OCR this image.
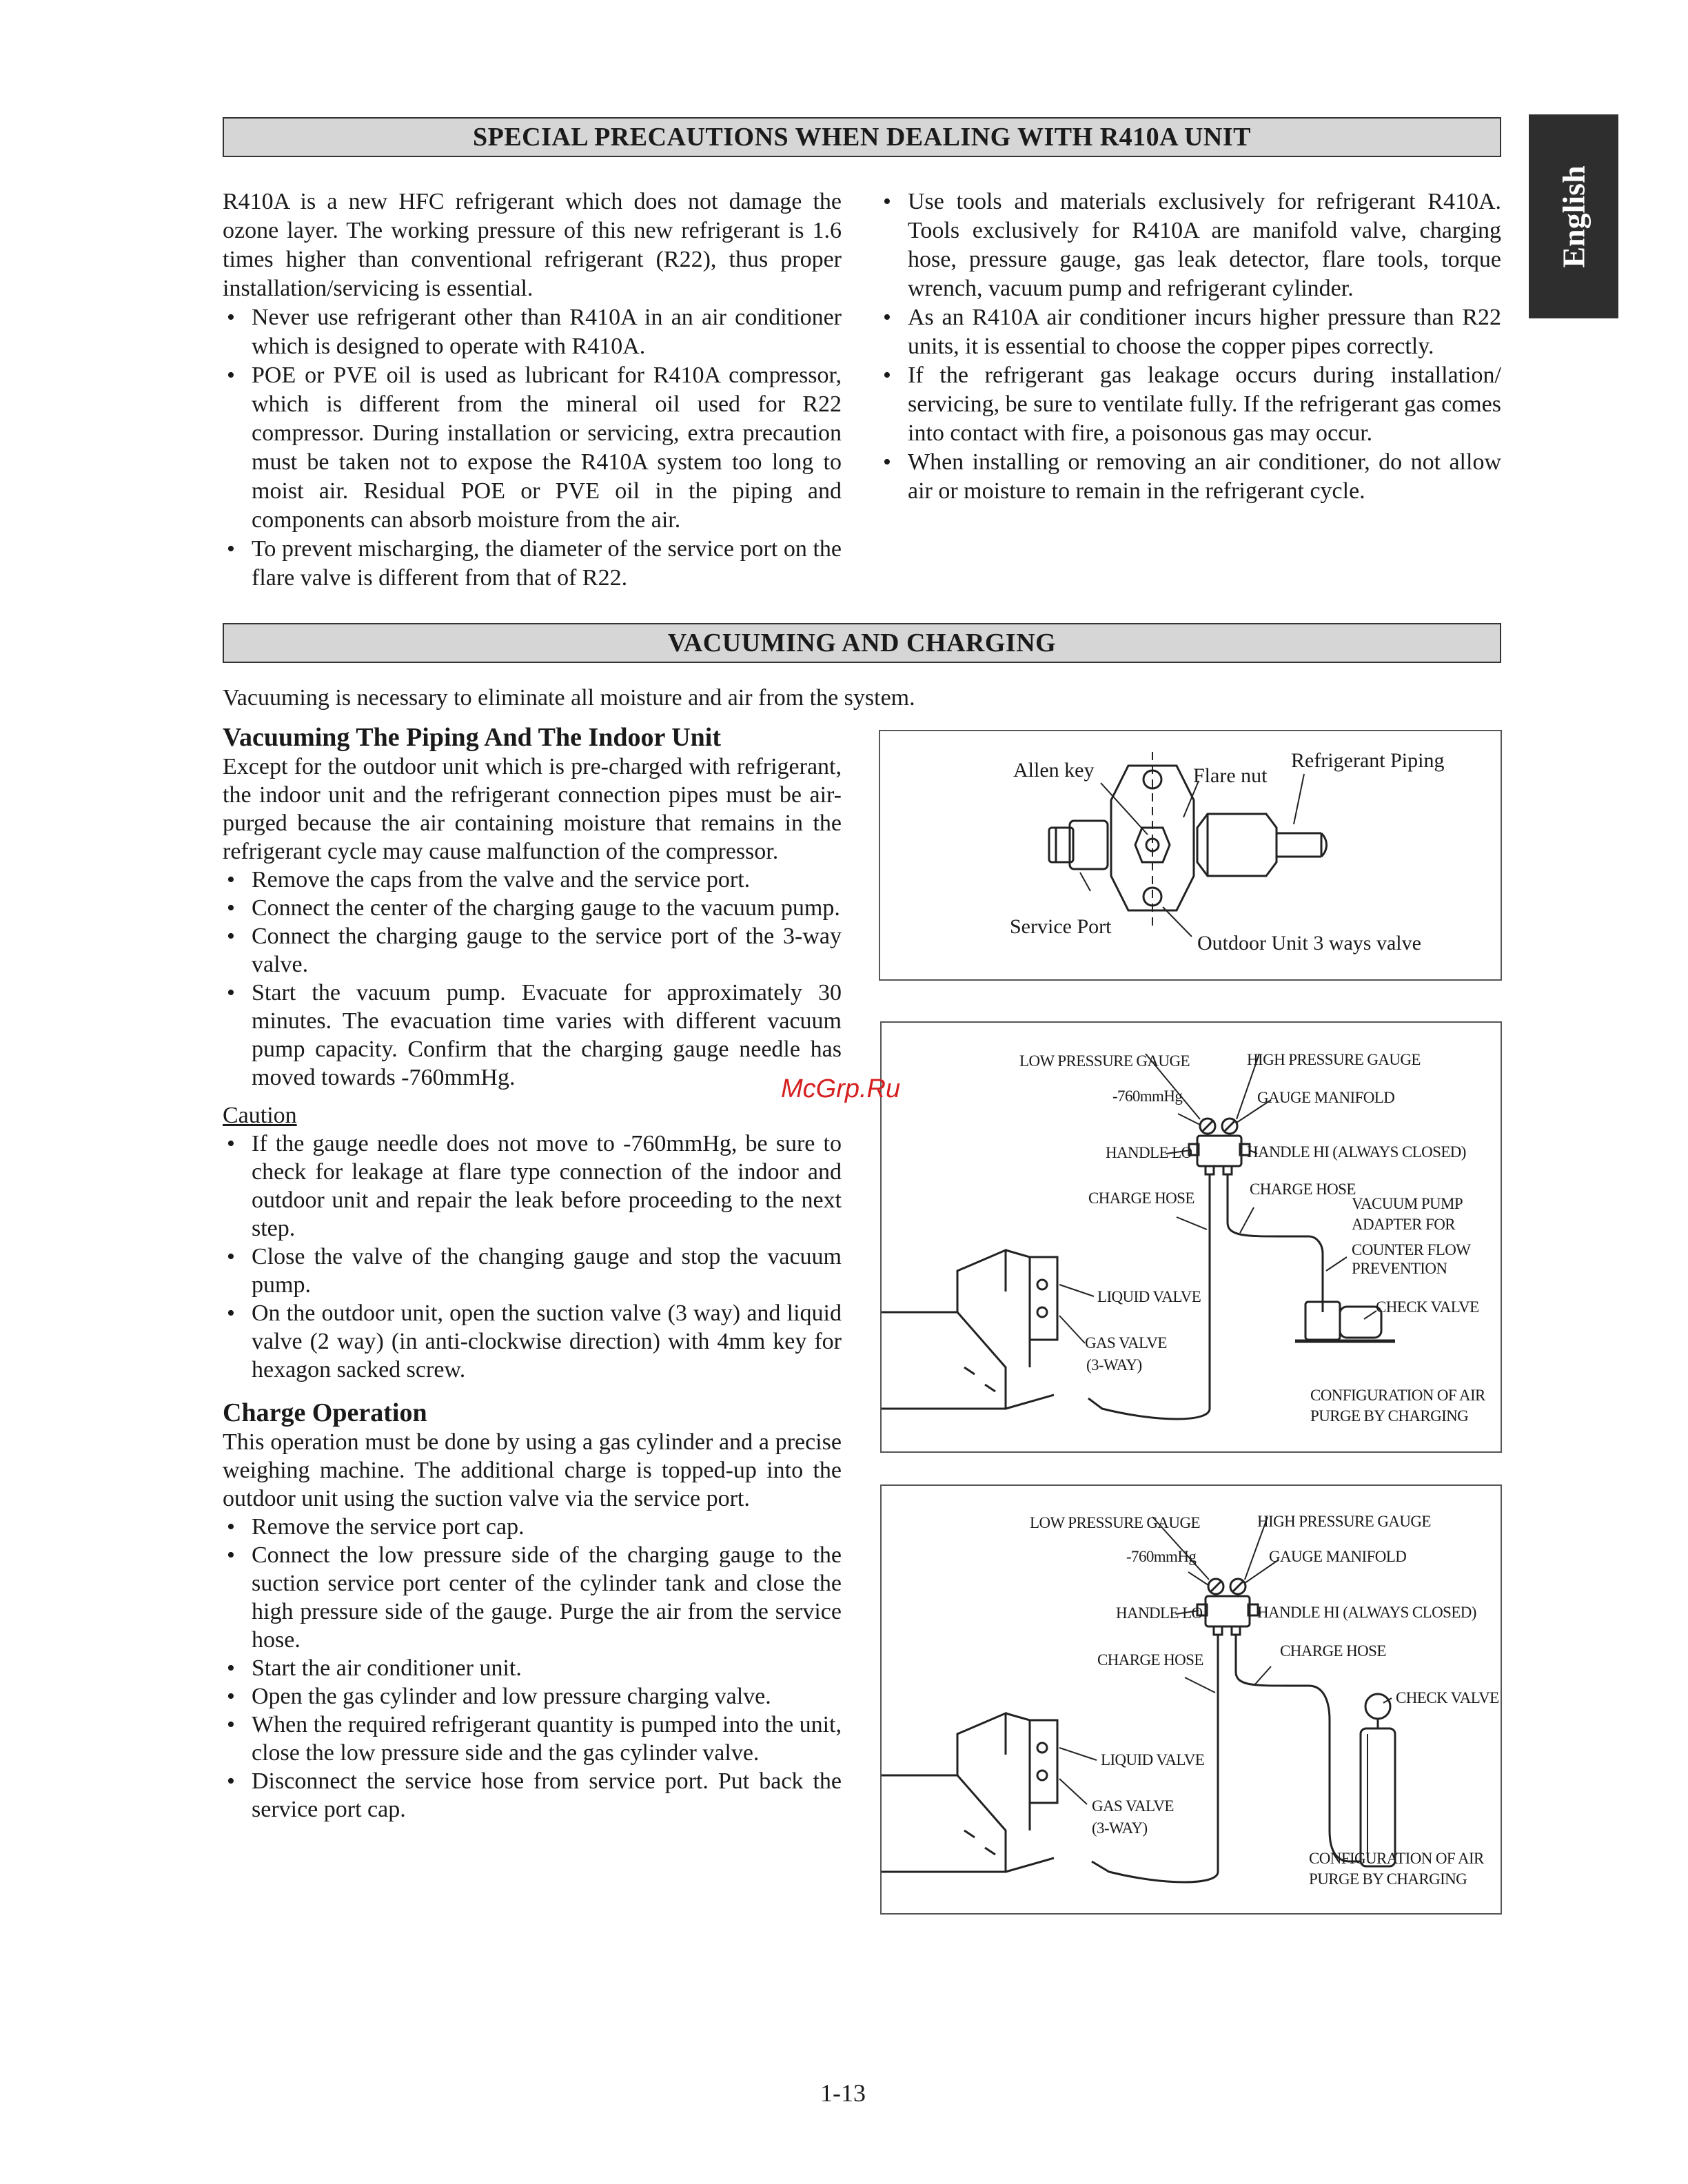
English
SPECIAL PRECAUTIONS WHEN DEALING WITH R410A UNIT

R410A is a new HFC refrigerant which does not damage the ozone layer. The working pressure of this new refrigerant is 1.6 times higher than conventional refrigerant (R22), thus proper installation/servicing is essential.

• Never use refrigerant other than R410A in an air conditioner which is designed to operate with R410A.
• POE or PVE oil is used as lubricant for R410A compressor, which is different from the mineral oil used for R22 compressor. During installation or servicing, extra precaution must be taken not to expose the R410A system too long to moist air. Residual POE or PVE oil in the piping and components can absorb moisture from the air.
• To prevent mischarging, the diameter of the service port on the flare valve is different from that of R22.
• Use tools and materials exclusively for refrigerant R410A. Tools exclusively for R410A are manifold valve, charging hose, pressure gauge, gas leak detector, flare tools, torque wrench, vacuum pump and refrigerant cylinder.
• As an R410A air conditioner incurs higher pressure than R22 units, it is essential to choose the copper pipes correctly.
• If the refrigerant gas leakage occurs during installation/ servicing, be sure to ventilate fully. If the refrigerant gas comes into contact with fire, a poisonous gas may occur.
• When installing or removing an air conditioner, do not allow air or moisture to remain in the refrigerant cycle.
VACUUMING AND CHARGING

Vacuuming is necessary to eliminate all moisture and air from the system.

Vacuuming The Piping And The Indoor Unit

Except for the outdoor unit which is pre-charged with refrigerant, the indoor unit and the refrigerant connection pipes must be air-purged because the air containing moisture that remains in the refrigerant cycle may cause malfunction of the compressor.

• Remove the caps from the valve and the service port.
• Connect the center of the charging gauge to the vacuum pump.
• Connect the charging gauge to the service port of the 3-way valve.
• Start the vacuum pump. Evacuate for approximately 30 minutes. The evacuation time varies with different vacuum pump capacity. Confirm that the charging gauge needle has moved towards -760mmHg.

Caution

• If the gauge needle does not move to -760mmHg, be sure to check for leakage at flare type connection of the indoor and outdoor unit and repair the leak before proceeding to the next step.
• Close the valve of the changing gauge and stop the vacuum pump.
• On the outdoor unit, open the suction valve (3 way) and liquid valve (2 way) (in anti-clockwise direction) with 4mm key for hexagon sacked screw.
Charge Operation

This operation must be done by using a gas cylinder and a precise weighing machine. The additional charge is topped-up into the outdoor unit using the suction valve via the service port.

• Remove the service port cap.
• Connect the low pressure side of the charging gauge to the suction service port center of the cylinder tank and close the high pressure side of the gauge. Purge the air from the service hose.
• Start the air conditioner unit.
• Open the gas cylinder and low pressure charging valve.
• When the required refrigerant quantity is pumped into the unit, close the low pressure side and the gas cylinder valve.
• Disconnect the service hose from service port. Put back the service port cap.
Allen key	Flare nut
Refrigerant Piping
Service Port
Outdoor Unit 3 ways valve
LOW PRESSURE GAUGE	HIGH PRESSURE GAUGE
-760mmHg	GAUGE MANIFOLD
HANDLE LO	HANDLE HI (ALWAYS CLOSED)
CHARGE HOSE
CHARGE HOSE
VACUUM PUMP
ADAPTER FOR
COUNTER FLOW
PREVENTION
CHECK VALVE
LIQUID VALVE
GAS VALVE
(3-WAY)
CONFIGURATION OF AIR
PURGE BY CHARGING
LOW PRESSURE GAUGE	HIGH PRESSURE GAUGE
-760mmHg	GAUGE MANIFOLD
HANDLE LO	HANDLE HI (ALWAYS CLOSED)
CHARGE HOSE
CHARGE HOSE
CHECK VALVE
LIQUID VALVE
GAS VALVE
(3-WAY)
CONFIGURATION OF AIR
PURGE BY CHARGING
McGrp.Ru
1-13
